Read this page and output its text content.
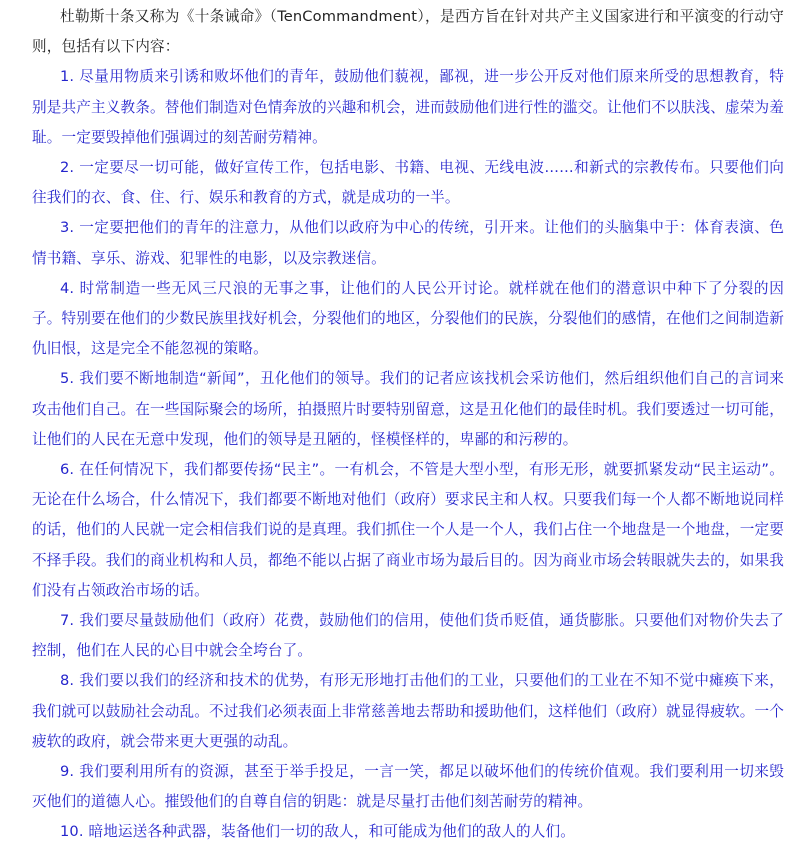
杜勒斯十条又称为《十条诫命》（TenCommandment），是西方旨在针对共产主义国家进行和平演变的行动守则，包括有以下内容：

1. 尽量用物质来引诱和败坏他们的青年，鼓励他们藐视，鄙视，进一步公开反对他们原来所受的思想教育，特别是共产主义教条。替他们制造对色情奔放的兴趣和机会，进而鼓励他们进行性的滥交。让他们不以肤浅、虚荣为羞耻。一定要毁掉他们强调过的刻苦耐劳精神。

2. 一定要尽一切可能，做好宣传工作，包括电影、书籍、电视、无线电波……和新式的宗教传布。只要他们向往我们的衣、食、住、行、娱乐和教育的方式，就是成功的一半。

3. 一定要把他们的青年的注意力，从他们以政府为中心的传统，引开来。让他们的头脑集中于：体育表演、色情书籍、享乐、游戏、犯罪性的电影，以及宗教迷信。

4. 时常制造一些无风三尺浪的无事之事，让他们的人民公开讨论。就样就在他们的潜意识中种下了分裂的因子。特别要在他们的少数民族里找好机会，分裂他们的地区，分裂他们的民族，分裂他们的感情，在他们之间制造新仇旧恨，这是完全不能忽视的策略。

5. 我们要不断地制造“新闻”，丑化他们的领导。我们的记者应该找机会采访他们，然后组织他们自己的言词来攻击他们自己。在一些国际聚会的场所，拍摄照片时要特别留意，这是丑化他们的最佳时机。我们要透过一切可能，让他们的人民在无意中发现，他们的领导是丑陋的，怪模怪样的，卑鄙的和污秽的。

6. 在任何情况下，我们都要传扬“民主”。一有机会，不管是大型小型，有形无形，就要抓紧发动“民主运动”。无论在什么场合，什么情况下，我们都要不断地对他们（政府）要求民主和人权。只要我们每一个人都不断地说同样的话，他们的人民就一定会相信我们说的是真理。我们抓住一个人是一个人，我们占住一个地盘是一个地盘，一定要不择手段。我们的商业机构和人员，都绝不能以占据了商业市场为最后目的。因为商业市场会转眼就失去的，如果我们没有占领政治市场的话。

7. 我们要尽量鼓励他们（政府）花费，鼓励他们的信用，使他们货币贬值，通货膨胀。只要他们对物价失去了控制，他们在人民的心目中就会全垮台了。

8. 我们要以我们的经济和技术的优势，有形无形地打击他们的工业，只要他们的工业在不知不觉中瘫痪下来，我们就可以鼓励社会动乱。不过我们必须表面上非常慈善地去帮助和援助他们，这样他们（政府）就显得疲软。一个疲软的政府，就会带来更大更强的动乱。

9. 我们要利用所有的资源，甚至于举手投足，一言一笑，都足以破坏他们的传统价值观。我们要利用一切来毁灭他们的道德人心。摧毁他们的自尊自信的钥匙：就是尽量打击他们刻苦耐劳的精神。

10. 暗地运送各种武器，装备他们一切的敌人，和可能成为他们的敌人的人们。
